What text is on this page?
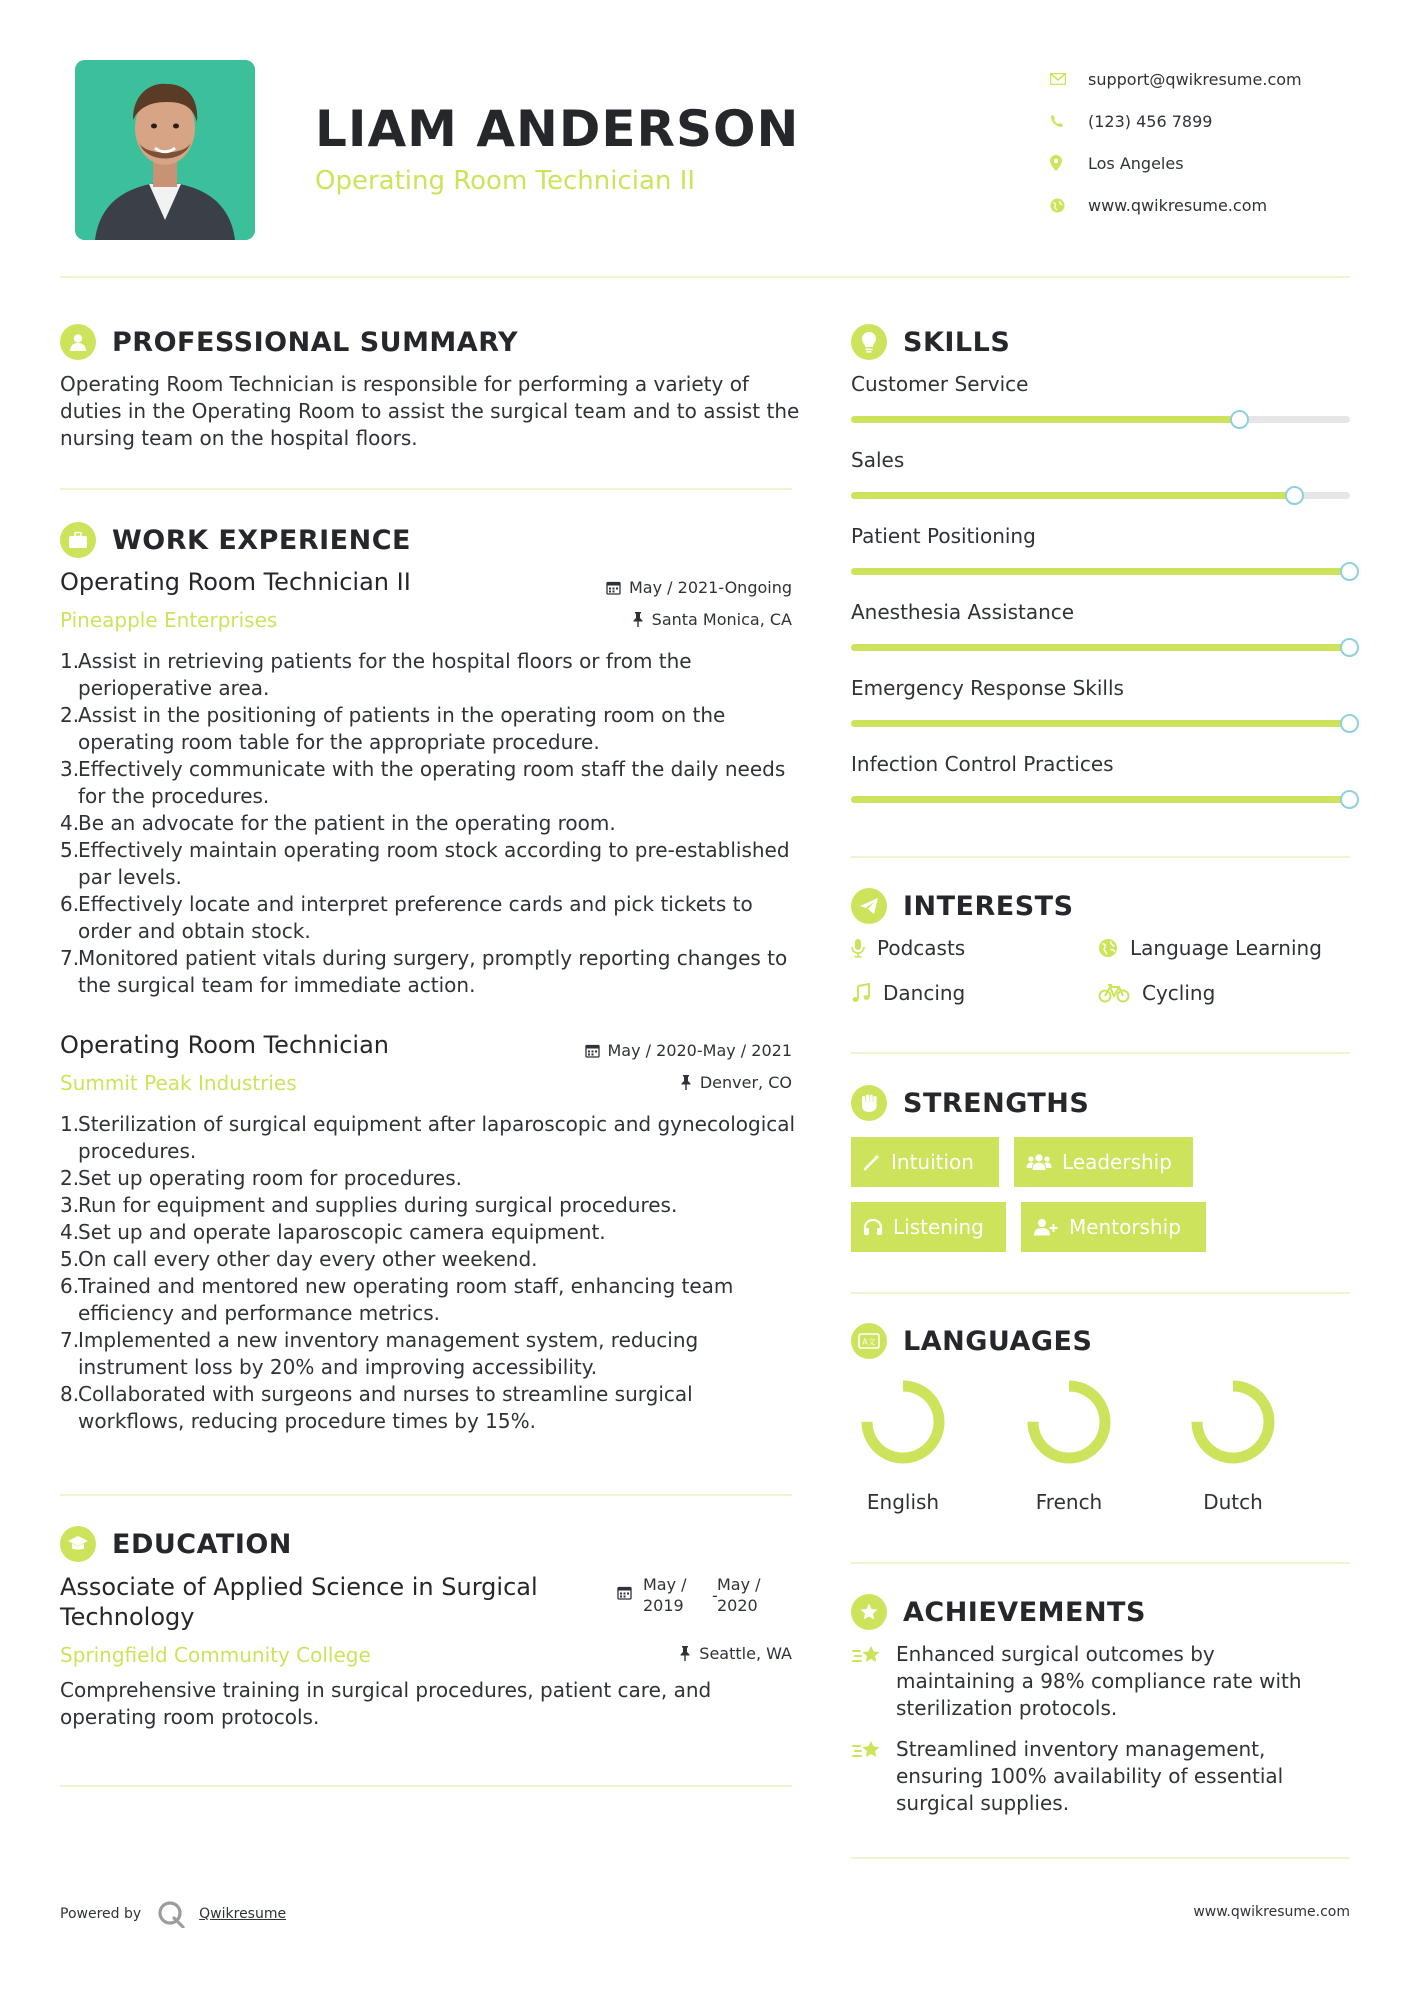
LIAM ANDERSON
Operating Room Technician II
support@qwikresume.com
(123) 456 7899
Los Angeles
www.qwikresume.com
PROFESSIONAL SUMMARY
Operating Room Technician is responsible for performing a variety of duties in the Operating Room to assist the surgical team and to assist the nursing team on the hospital floors.
WORK EXPERIENCE
Operating Room Technician II
Pineapple Enterprises
May / 2021-Ongoing
Santa Monica, CA
1.
Assist in retrieving patients for the hospital floors or from the perioperative area.
2.
Assist in the positioning of patients in the operating room on the operating room table for the appropriate procedure.
3.
Effectively communicate with the operating room staff the daily needs for the procedures.
4.
Be an advocate for the patient in the operating room.
5.
Effectively maintain operating room stock according to pre-established par levels.
6.
Effectively locate and interpret preference cards and pick tickets to order and obtain stock.
7.
Monitored patient vitals during surgery, promptly reporting changes to the surgical team for immediate action.
Operating Room Technician
Summit Peak Industries
May / 2020-May / 2021
Denver, CO
1.
Sterilization of surgical equipment after laparoscopic and gynecological procedures.
2.
Set up operating room for procedures.
3.
Run for equipment and supplies during surgical procedures.
4.
Set up and operate laparoscopic camera equipment.
5.
On call every other day every other weekend.
6.
Trained and mentored new operating room staff, enhancing team efficiency and performance metrics.
7.
Implemented a new inventory management system, reducing instrument loss by 20% and improving accessibility.
8.
Collaborated with surgeons and nurses to streamline surgical workflows, reducing procedure times by 15%.
EDUCATION
Associate of Applied Science in Surgical
Technology
May /
2019
-
May /
2020
Springfield Community College	Seattle, WA
Comprehensive training in surgical procedures, patient care, and operating room protocols.
SKILLS
Customer Service
Sales
Patient Positioning
Anesthesia Assistance
Emergency Response Skills
Infection Control Practices
INTERESTS
Podcasts	Language Learning
Dancing	Cycling
STRENGTHS
Intuition	Leadership
Listening	Mentorship
A文 LANGUAGES
English	French	Dutch
ACHIEVEMENTS
Enhanced surgical outcomes by maintaining a 98% compliance rate with sterilization protocols.
Streamlined inventory management, ensuring 100% availability of essential surgical supplies.
Powered by	Qwikresume	www.qwikresume.com
